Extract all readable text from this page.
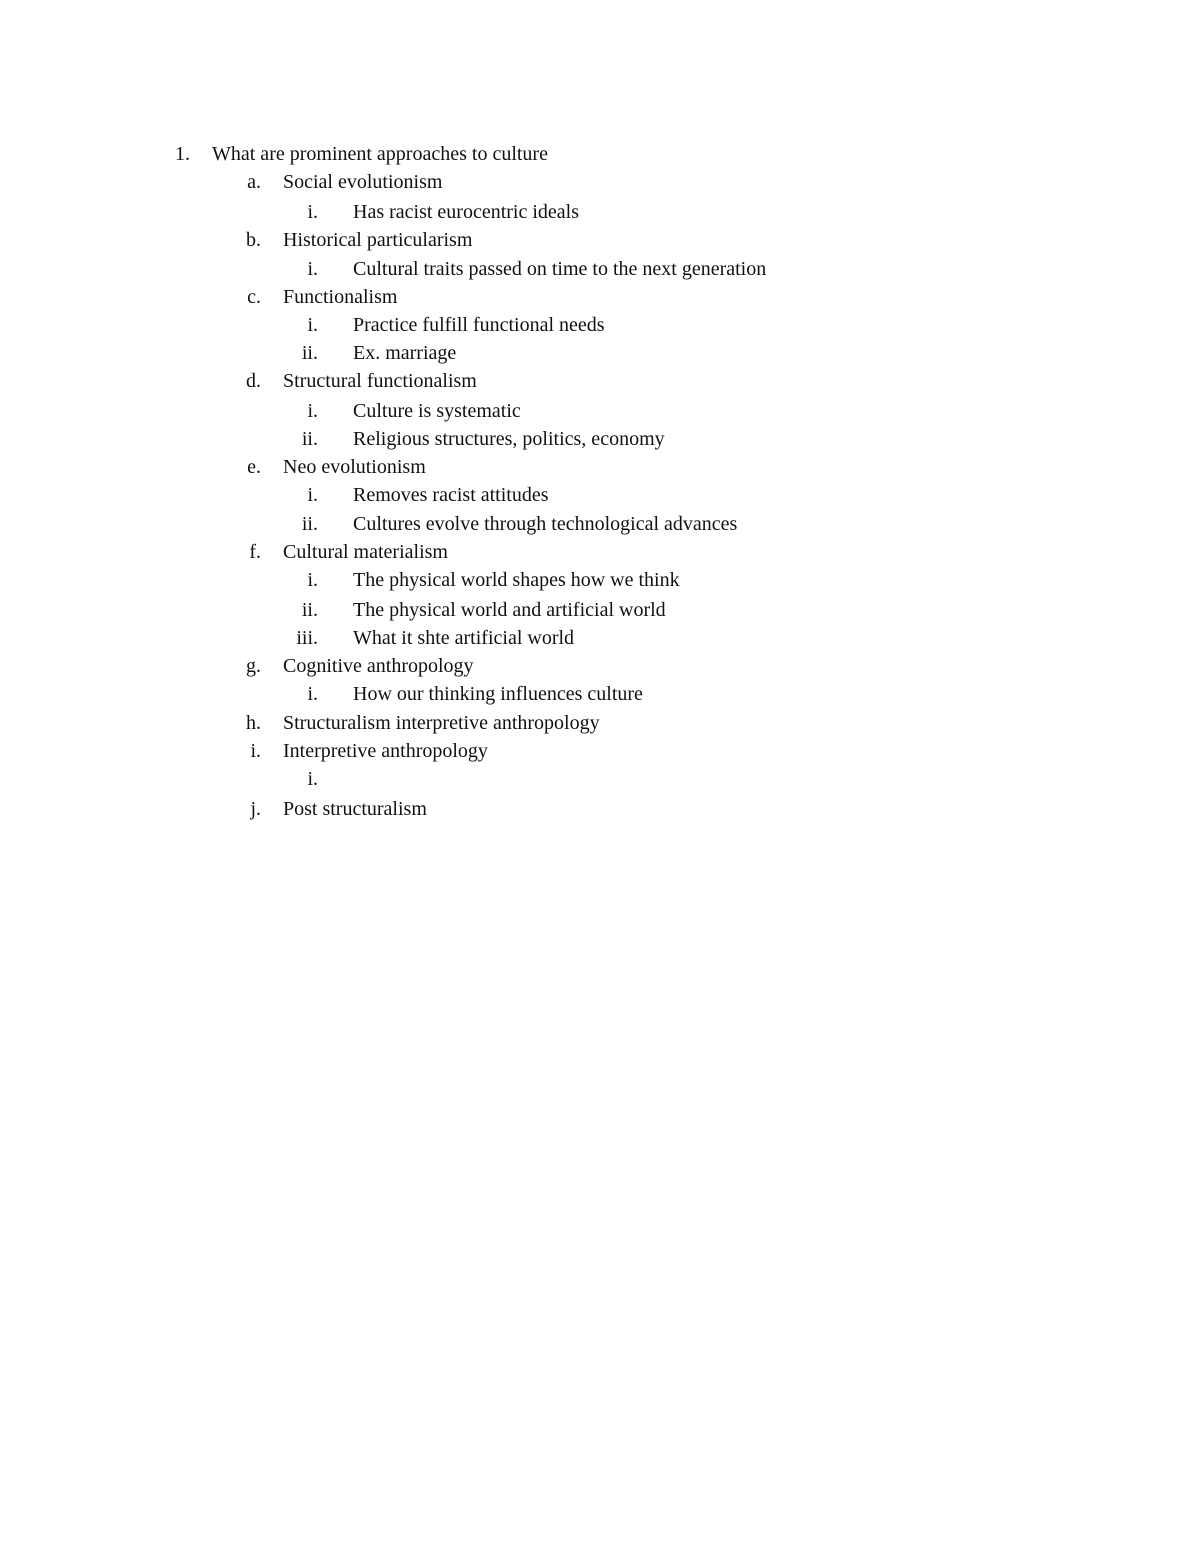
1. What are prominent approaches to culture
a. Social evolutionism
i. Has racist eurocentric ideals
b. Historical particularism
i. Cultural traits passed on time to the next generation
c. Functionalism
i. Practice fulfill functional needs
ii. Ex. marriage
d. Structural functionalism
i. Culture is systematic
ii. Religious structures, politics, economy
e. Neo evolutionism
i. Removes racist attitudes
ii. Cultures evolve through technological advances
f. Cultural materialism
i. The physical world shapes how we think
ii. The physical world and artificial world
iii. What it shte artificial world
g. Cognitive anthropology
i. How our thinking influences culture
h. Structuralism interpretive anthropology
i. Interpretive anthropology
i.
j. Post structuralism
